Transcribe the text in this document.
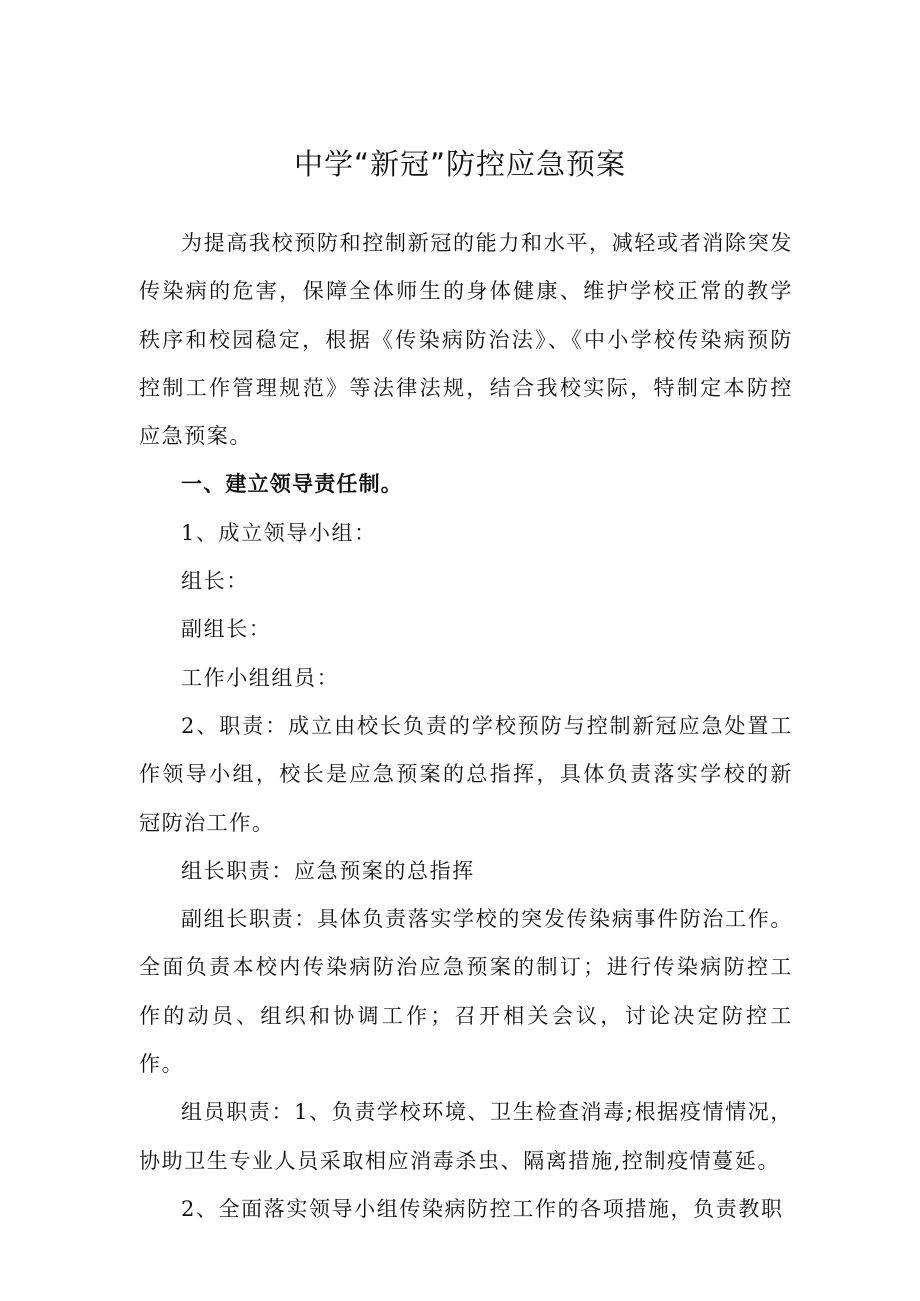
中学“新冠”防控应急预案

为提高我校预防和控制新冠的能力和水平，减轻或者消除突发传染病的危害，保障全体师生的身体健康、维护学校正常的教学秩序和校园稳定，根据《传染病防治法》、《中小学校传染病预防控制工作管理规范》等法律法规，结合我校实际，特制定本防控应急预案。

一、建立领导责任制。

1、成立领导小组：

组长：

副组长：

工作小组组员：

2、职责：成立由校长负责的学校预防与控制新冠应急处置工作领导小组，校长是应急预案的总指挥，具体负责落实学校的新冠防治工作。

组长职责：应急预案的总指挥

副组长职责：具体负责落实学校的突发传染病事件防治工作。全面负责本校内传染病防治应急预案的制订；进行传染病防控工作的动员、组织和协调工作；召开相关会议，讨论决定防控工作。

组员职责：1、负责学校环境、卫生检查消毒;根据疫情情况，协助卫生专业人员采取相应消毒杀虫、隔离措施,控制疫情蔓延。

2、全面落实领导小组传染病防控工作的各项措施，负责教职
